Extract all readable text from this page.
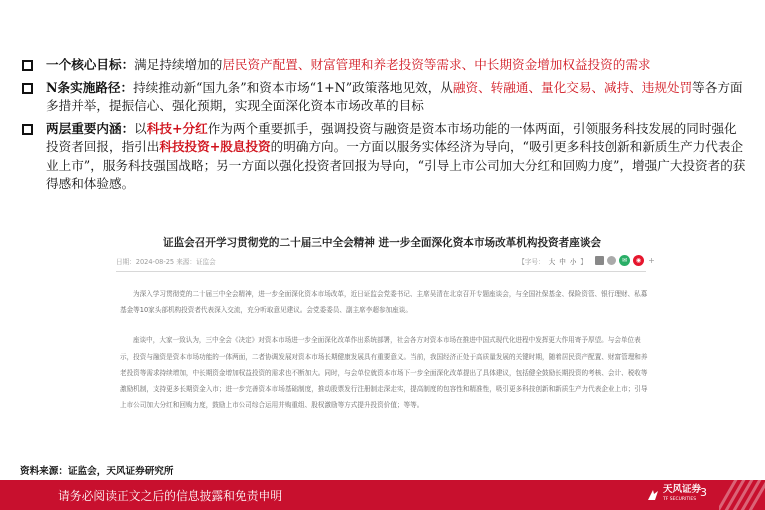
一个核心目标：满足持续增加的居民资产配置、财富管理和养老投资等需求、中长期资金增加权益投资的需求
N条实施路径：持续推动新“国九条”和资本市场“1+N”政策落地见效，从融资、转融通、量化交易、减持、违规处罚等各方面多措并举，提振信心、强化预期，实现全面深化资本市场改革的目标
两层重要内涵：以科技+分红作为两个重要抓手，强调投资与融资是资本市场功能的一体两面，引领服务科技发展的同时强化投资者回报，指引出科技投资+股息投资的明确方向。一方面以服务实体经济为导向，“吸引更多科技创新和新质生产力代表企业上市”，服务科技强国战略；另一方面以强化投资者回报为导向，“引导上市公司加大分红和回购力度”，增强广大投资者的获得感和体验感。
证监会召开学习贯彻党的二十届三中全会精神 进一步全面深化资本市场改革机构投资者座谈会
日期：2024-08-25 来源：证监会	【字号： 大 中 小 】	✉	◉ +

为深入学习贯彻党的二十届三中全会精神，进一步全面深化资本市场改革，近日证监会党委书记、主席吴清在北京召开专题座谈会，与全国社保基金、保险资管、银行理财、私募基金等10家头部机构投资者代表深入交流，充分听取意见建议。会党委委员、副主席李超参加座谈。

座谈中，大家一致认为，三中全会《决定》对资本市场进一步全面深化改革作出系统部署，社会各方对资本市场在推进中国式现代化进程中发挥更大作用寄予厚望。与会单位表示，投资与融资是资本市场功能的一体两面，二者协调发展对资本市场长期健康发展具有重要意义。当前，我国经济正处于高质量发展的关键时期，随着居民资产配置、财富管理和养老投资等需求持续增加，中长期资金增加权益投资的需求也不断加大。同时，与会单位就资本市场下一步全面深化改革提出了具体建议，包括健全鼓励长期投资的考核、会计、税收等激励机制，支持更多长期资金入市；进一步完善资本市场基础制度，推动股票发行注册制走深走实，提高制度的包容性和精准性，吸引更多科技创新和新质生产力代表企业上市；引导上市公司加大分红和回购力度，鼓励上市公司综合运用并购重组、股权激励等方式提升投资价值；等等。

资料来源：证监会，天风证券研究所
请务必阅读正文之后的信息披露和免责申明	天风证券
TF SECURITIES
3
